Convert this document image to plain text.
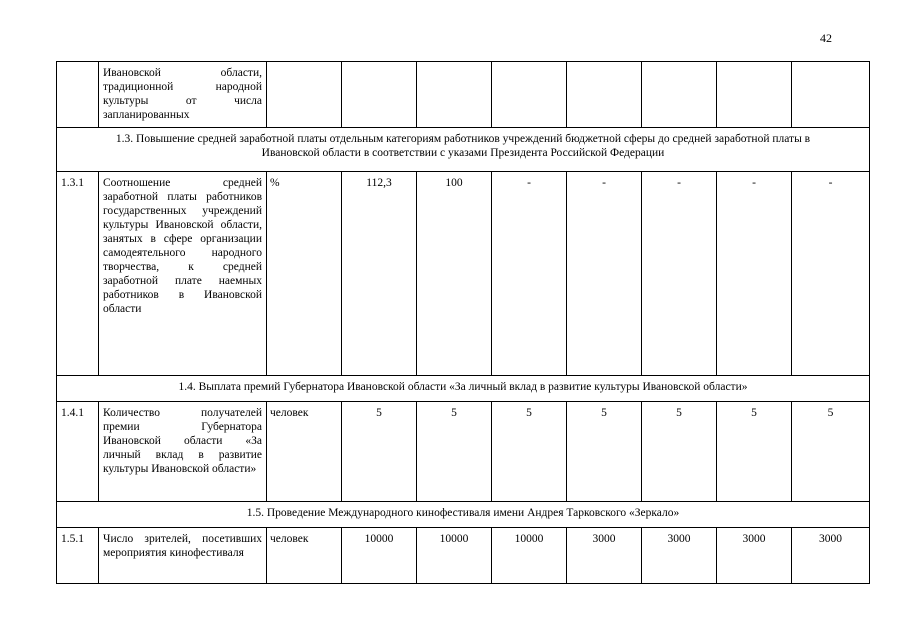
42
	Ивановской области, традиционной народной культуры от числа запланированных								
1.3. Повышение средней заработной платы отдельным категориям работников учреждений бюджетной сферы до средней заработной платы в
Ивановской области в соответствии с указами Президента Российской Федерации									
1.3.1	Соотношение средней заработной платы работников государственных учреждений культуры Ивановской области, занятых в сфере организации самодеятельного народного творчества, к средней заработной плате наемных работников в Ивановской области	%	112,3	100	-	-	-	-	-
1.4. Выплата премий Губернатора Ивановской области «За личный вклад в развитие культуры Ивановской области»									
1.4.1	Количество получателей премии Губернатора Ивановской области «За личный вклад в развитие культуры Ивановской области»	человек	5	5	5	5	5	5	5
1.5. Проведение Международного кинофестиваля имени Андрея Тарковского «Зеркало»									
1.5.1	Число зрителей, посетивших мероприятия кинофестиваля	человек	10000	10000	10000	3000	3000	3000	3000
